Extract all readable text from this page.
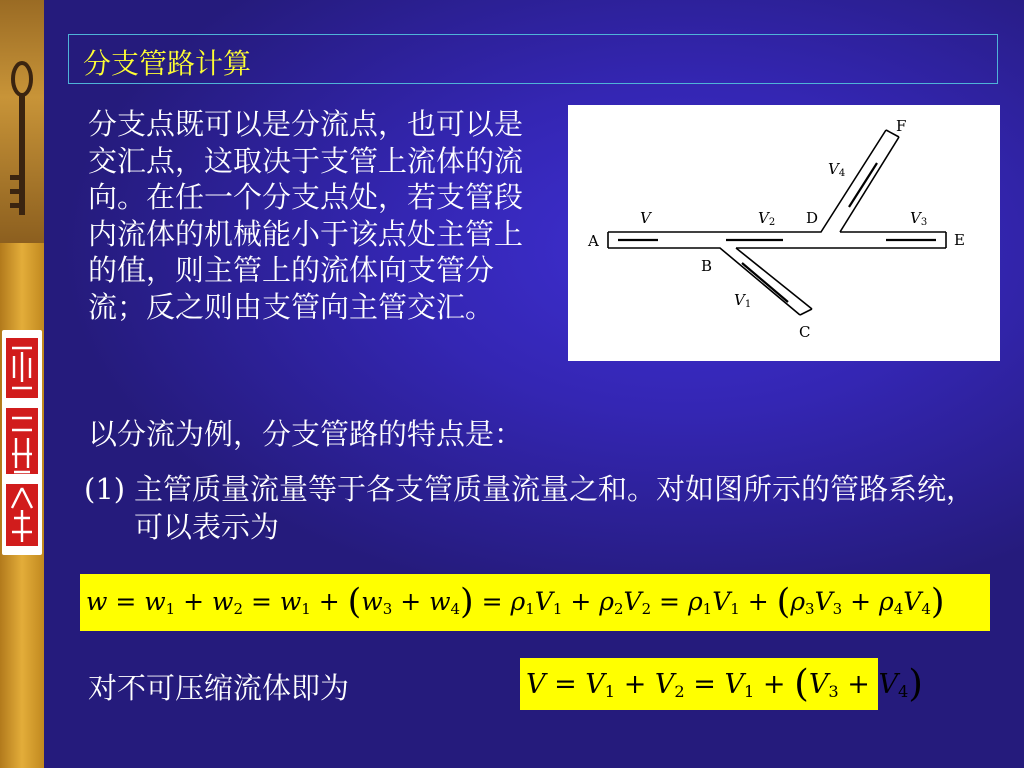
分支管路计算

分支点既可以是分流点，也可以是交汇点，这取决于支管上流体的流向。在任一个分支点处，若支管段内流体的机械能小于该点处主管上的值，则主管上的流体向支管分流；反之则由支管向主管交汇。

A
B
C
D
E
F
V	V2	V3
V4
V1
以分流为例，分支管路的特点是：
(1) 主管质量流量等于各支管质量流量之和。对如图所示的管路系统，可以表示为
$w = w_1 + w_2 = w_1 + (w_3 + w_4) = \rho_1V_1 + \rho_2V_2 = \rho_1V_1 + (\rho_3V_3 + \rho_4V_4)$
对不可压缩流体即为	$V = V_1 + V_2 = V_1 + (V_3 + V_4)$
